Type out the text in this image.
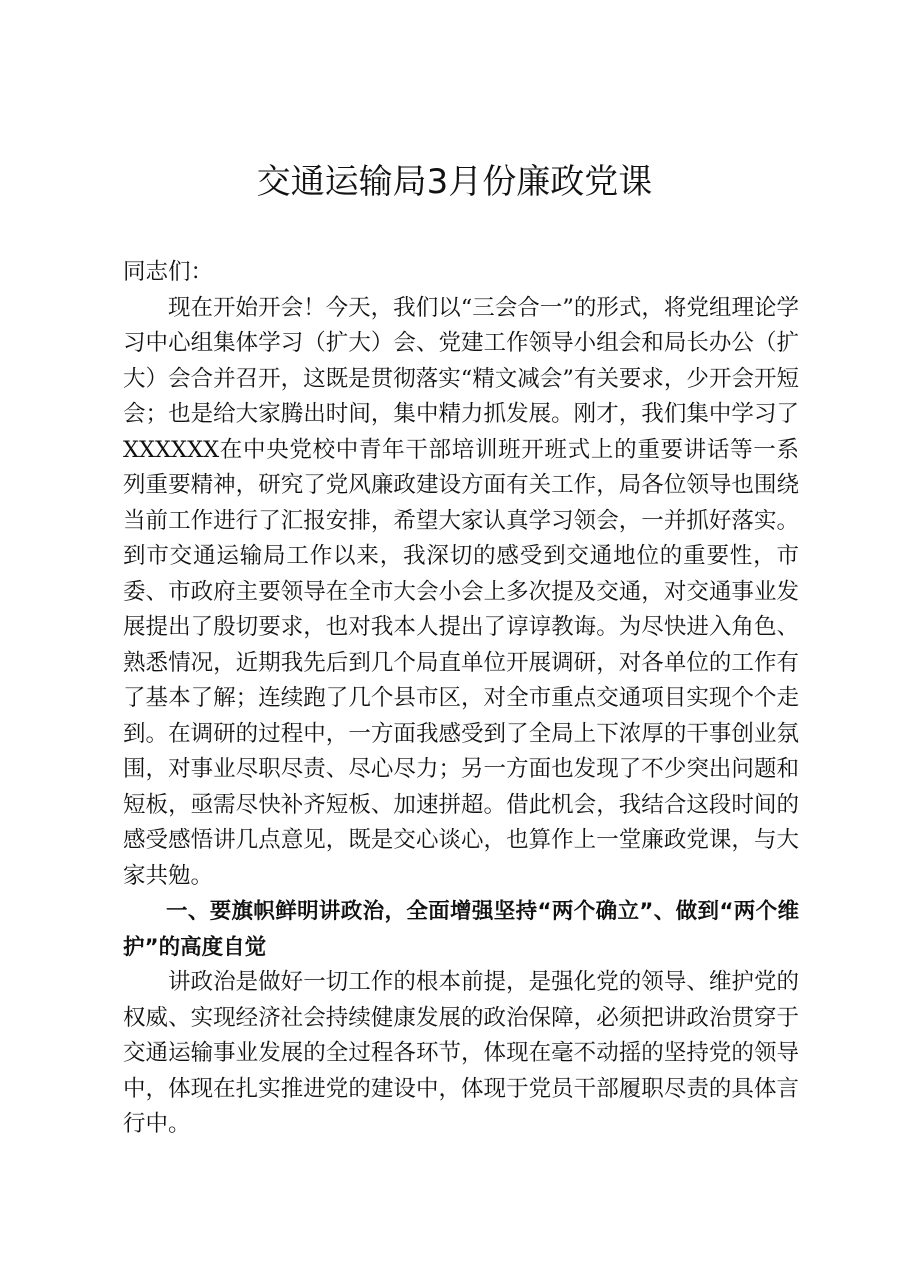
交通运输局3月份廉政党课

同志们：

现在开始开会！今天，我们以“三会合一”的形式，将党组理论学习中心组集体学习（扩大）会、党建工作领导小组会和局长办公（扩大）会合并召开，这既是贯彻落实“精文减会”有关要求，少开会开短会；也是给大家腾出时间，集中精力抓发展。刚才，我们集中学习了XXXXXX在中央党校中青年干部培训班开班式上的重要讲话等一系列重要精神，研究了党风廉政建设方面有关工作，局各位领导也围绕当前工作进行了汇报安排，希望大家认真学习领会，一并抓好落实。到市交通运输局工作以来，我深切的感受到交通地位的重要性，市委、市政府主要领导在全市大会小会上多次提及交通，对交通事业发展提出了殷切要求，也对我本人提出了谆谆教诲。为尽快进入角色、熟悉情况，近期我先后到几个局直单位开展调研，对各单位的工作有了基本了解；连续跑了几个县市区，对全市重点交通项目实现个个走到。在调研的过程中，一方面我感受到了全局上下浓厚的干事创业氛围，对事业尽职尽责、尽心尽力；另一方面也发现了不少突出问题和短板，亟需尽快补齐短板、加速拼超。借此机会，我结合这段时间的感受感悟讲几点意见，既是交心谈心，也算作上一堂廉政党课，与大家共勉。

一、要旗帜鲜明讲政治，全面增强坚持“两个确立”、做到“两个维护”的高度自觉

讲政治是做好一切工作的根本前提，是强化党的领导、维护党的权威、实现经济社会持续健康发展的政治保障，必须把讲政治贯穿于交通运输事业发展的全过程各环节，体现在毫不动摇的坚持党的领导中，体现在扎实推进党的建设中，体现于党员干部履职尽责的具体言行中。
